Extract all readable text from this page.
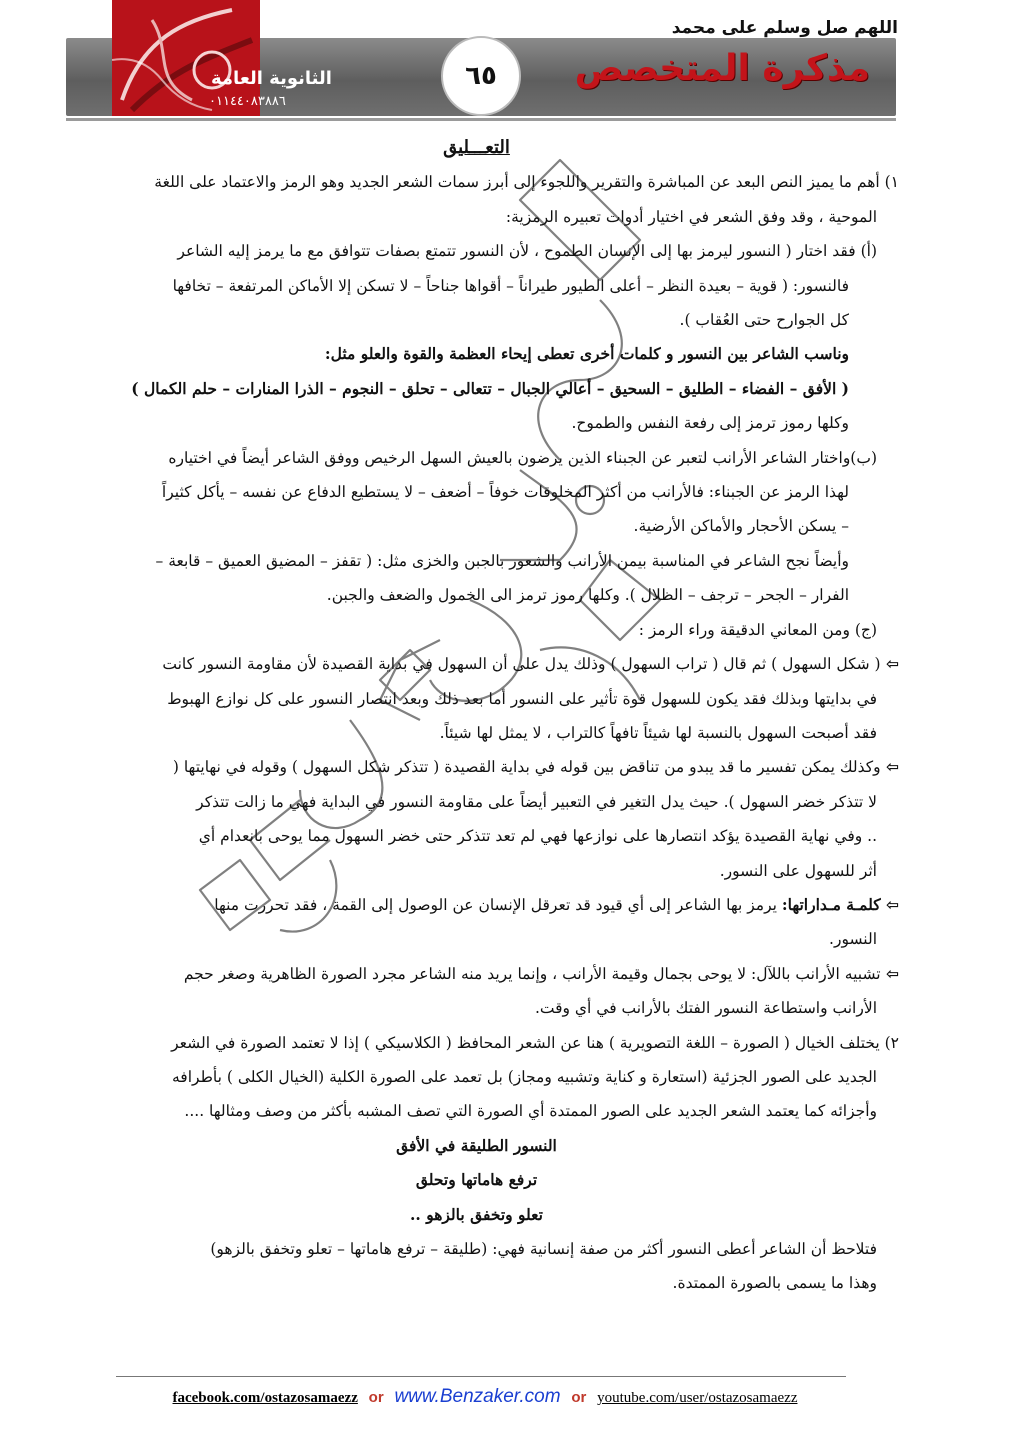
اللهم صل وسلم على محمد
مذكرة المتخصص
الثانوية العامة
٠١١٤٤٠٨٣٨٨٦
٦٥
التعـــليق

١) أهم ما يميز النص البعد عن المباشرة والتقرير واللجوء إلى أبرز سمات الشعر الجديد وهو الرمز والاعتماد على اللغة

الموحية ، وقد وفق الشعر في اختيار أدوات تعبيره الرمزية:

(أ) فقد اختار ( النسور ليرمز بها إلى الإنسان الطموح ، لأن النسور تتمتع بصفات تتوافق مع ما يرمز إليه الشاعر

فالنسور: ( قوية – بعيدة النظر – أعلى الطيور طيراناً – أقواها جناحاً – لا تسكن إلا الأماكن المرتفعة – تخافها

كل الجوارح حتى العُقاب ).

وناسب الشاعر بين النسور و كلمات أخرى تعطى إيحاء العظمة والقوة والعلو مثل:

( الأفق – الفضاء – الطليق – السحيق – أعالي الجبال – تتعالى – تحلق – النجوم – الذرا المنارات – حلم الكمال )

وكلها رموز ترمز إلى رفعة النفس والطموح.

(ب)واختار الشاعر الأرانب لتعبر عن الجبناء الذين يرضون بالعيش السهل الرخيص ووفق الشاعر أيضاً في اختياره

لهذا الرمز عن الجبناء: فالأرانب من أكثر المخلوقات خوفاً – أضعف – لا يستطيع الدفاع عن نفسه – يأكل كثيراً

– يسكن الأحجار والأماكن الأرضية.

وأيضاً نجح الشاعر في المناسبة بيمن الأرانب والشعور بالجبن والخزى مثل: ( تقفز – المضيق العميق – قابعة –

الفرار – الجحر – ترجف – الظلال ). وكلها رموز ترمز الى الخمول والضعف والجبن.

(ج) ومن المعاني الدقيقة وراء الرمز :

⇦ ( شكل السهول ) ثم قال ( تراب السهول ) وذلك يدل على أن السهول في بداية القصيدة لأن مقاومة النسور كانت

في بدايتها وبذلك فقد يكون للسهول قوة تأثير على النسور أما بعد ذلك وبعد انتصار النسور على كل نوازع الهبوط

فقد أصبحت السهول بالنسبة لها شيئاً تافهاً كالتراب ، لا يمثل لها شيئاً.

⇦ وكذلك يمكن تفسير ما قد يبدو من تناقض بين قوله في بداية القصيدة ( تتذكر شكل السهول ) وقوله في نهايتها (

لا تتذكر خضر السهول ). حيث يدل التغير في التعبير أيضاً على مقاومة النسور في البداية فهي ما زالت تتذكر

.. وفي نهاية القصيدة يؤكد انتصارها على نوازعها فهي لم تعد تتذكر حتى خضر السهول مما يوحى بانعدام أي

أثر للسهول على النسور.

⇦ كلمـة مـداراتها: يرمز بها الشاعر إلى أي قيود قد تعرقل الإنسان عن الوصول إلى القمة ، فقد تحررت منها

النسور.

⇦ تشبيه الأرانب باللآل: لا يوحى بجمال وقيمة الأرانب ، وإنما يريد منه الشاعر مجرد الصورة الظاهرية وصغر حجم

الأرانب واستطاعة النسور الفتك بالأرانب في أي وقت.

٢) يختلف الخيال ( الصورة – اللغة التصويرية ) هنا عن الشعر المحافظ ( الكلاسيكي ) إذا لا تعتمد الصورة في الشعر

الجديد على الصور الجزئية (استعارة و كناية وتشبيه ومجاز) بل تعمد على الصورة الكلية (الخيال الكلى ) بأطرافه

وأجزائه كما يعتمد الشعر الجديد على الصور الممتدة أي الصورة التي تصف المشبه بأكثر من وصف ومثالها ....

النسور الطليقة في الأفق

ترفع هاماتها وتحلق

تعلو وتخفق بالزهو ..

فتلاحظ أن الشاعر أعطى النسور أكثر من صفة إنسانية فهي: (طليقة – ترفع هاماتها – تعلو وتخفق بالزهو)

وهذا ما يسمى بالصورة الممتدة.

facebook.com/ostazosamaezz or www.Benzaker.com or youtube.com/user/ostazosamaezz
